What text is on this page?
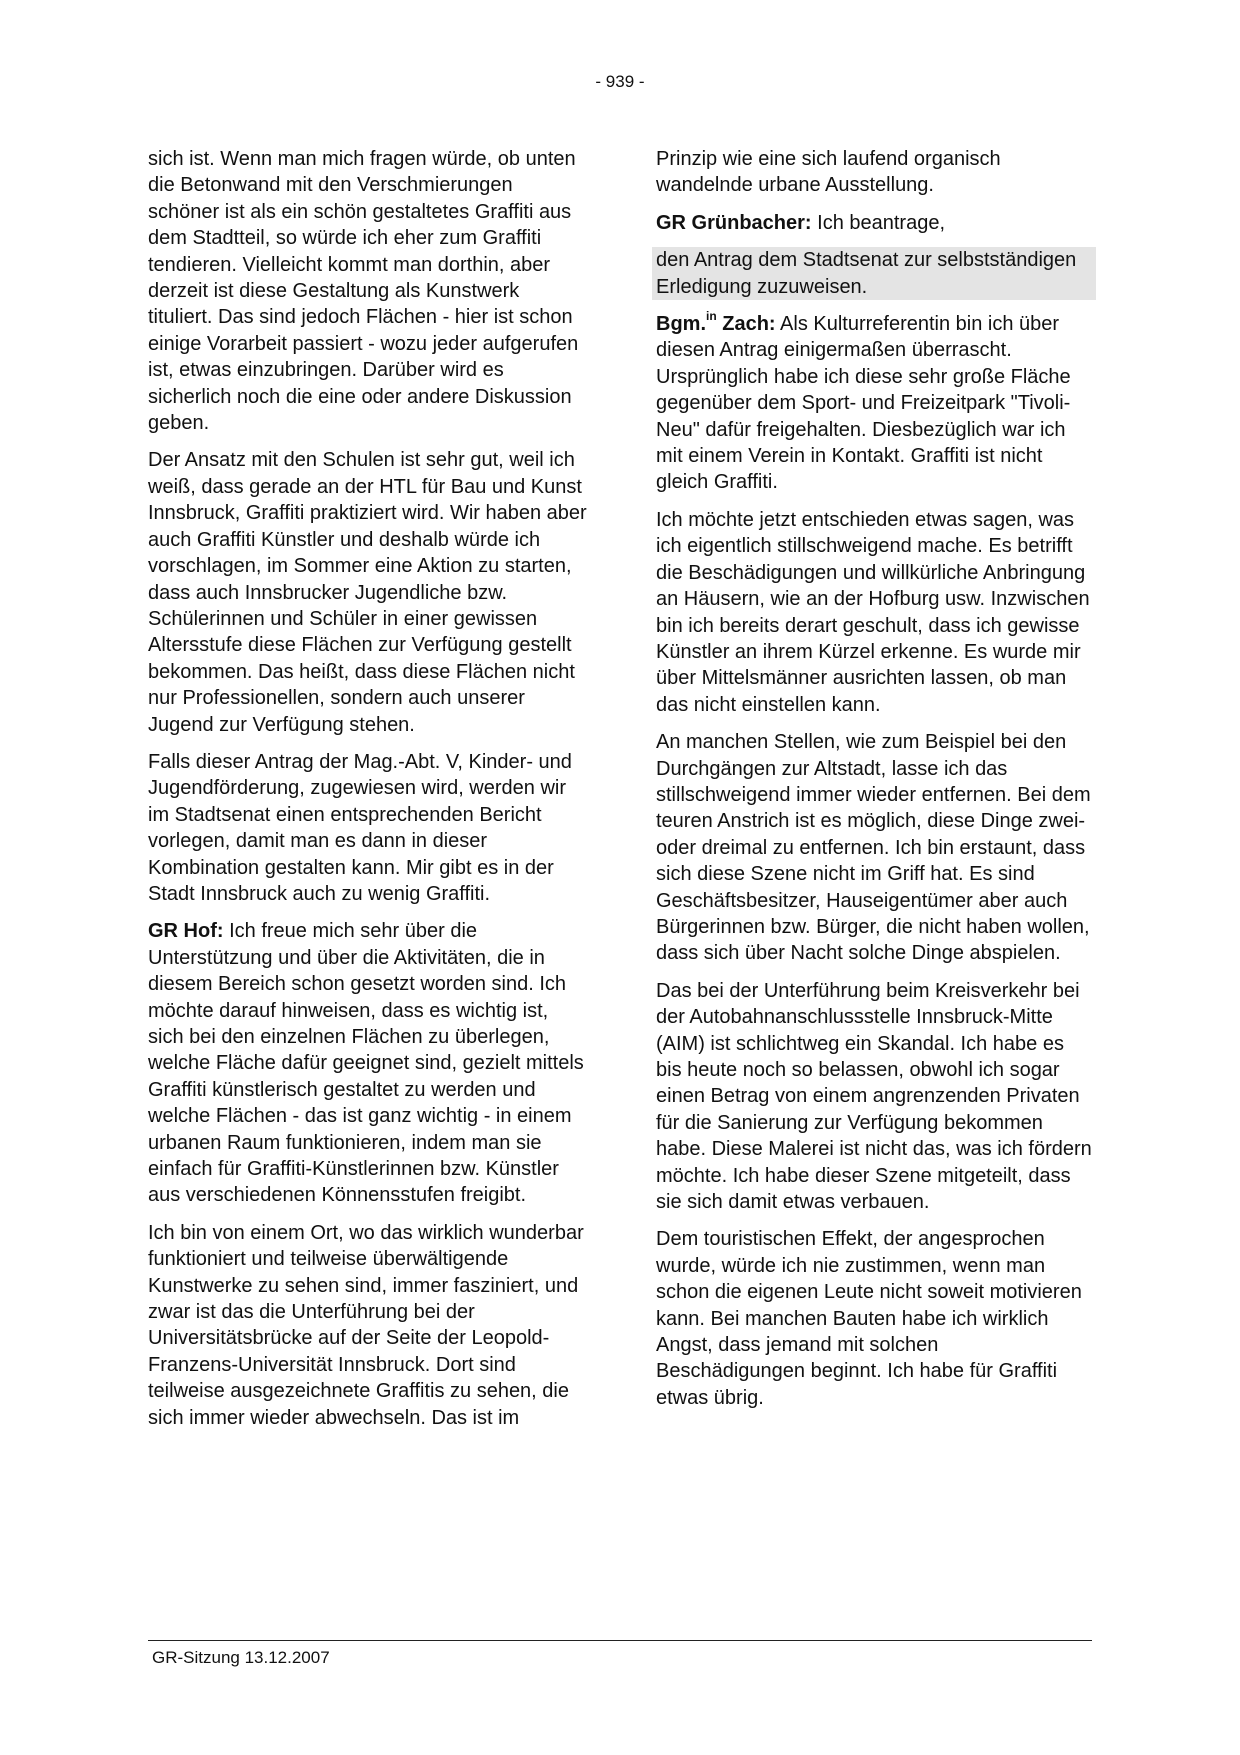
- 939 -

sich ist. Wenn man mich fragen würde, ob unten die Betonwand mit den Verschmierungen schöner ist als ein schön gestaltetes Graffiti aus dem Stadtteil, so würde ich eher zum Graffiti tendieren. Vielleicht kommt man dorthin, aber derzeit ist diese Gestaltung als Kunstwerk tituliert. Das sind jedoch Flächen - hier ist schon einige Vorarbeit passiert - wozu jeder aufgerufen ist, etwas einzubringen. Darüber wird es sicherlich noch die eine oder andere Diskussion geben.

Der Ansatz mit den Schulen ist sehr gut, weil ich weiß, dass gerade an der HTL für Bau und Kunst Innsbruck, Graffiti praktiziert wird. Wir haben aber auch Graffiti Künstler und deshalb würde ich vorschlagen, im Sommer eine Aktion zu starten, dass auch Innsbrucker Jugendliche bzw. Schülerinnen und Schüler in einer gewissen Altersstufe diese Flächen zur Verfügung gestellt bekommen. Das heißt, dass diese Flächen nicht nur Professionellen, sondern auch unserer Jugend zur Verfügung stehen.

Falls dieser Antrag der Mag.-Abt. V, Kinder- und Jugendförderung, zugewiesen wird, werden wir im Stadtsenat einen entsprechenden Bericht vorlegen, damit man es dann in dieser Kombination gestalten kann. Mir gibt es in der Stadt Innsbruck auch zu wenig Graffiti.

GR Hof: Ich freue mich sehr über die Unterstützung und über die Aktivitäten, die in diesem Bereich schon gesetzt worden sind. Ich möchte darauf hinweisen, dass es wichtig ist, sich bei den einzelnen Flächen zu überlegen, welche Fläche dafür geeignet sind, gezielt mittels Graffiti künstlerisch gestaltet zu werden und welche Flächen - das ist ganz wichtig - in einem urbanen Raum funktionieren, indem man sie einfach für Graffiti-Künstlerinnen bzw. Künstler aus verschiedenen Könnensstufen freigibt.

Ich bin von einem Ort, wo das wirklich wunderbar funktioniert und teilweise überwältigende Kunstwerke zu sehen sind, immer fasziniert, und zwar ist das die Unterführung bei der Universitätsbrücke auf der Seite der Leopold-Franzens-Universität Innsbruck. Dort sind teilweise ausgezeichnete Graffitis zu sehen, die sich immer wieder abwechseln. Das ist im

Prinzip wie eine sich laufend organisch wandelnde urbane Ausstellung.

GR Grünbacher: Ich beantrage,

den Antrag dem Stadtsenat zur selbstständigen Erledigung zuzuweisen.

Bgm.$^{in}$ Zach: Als Kulturreferentin bin ich über diesen Antrag einigermaßen überrascht. Ursprünglich habe ich diese sehr große Fläche gegenüber dem Sport- und Freizeitpark "Tivoli-Neu" dafür freigehalten. Diesbezüglich war ich mit einem Verein in Kontakt. Graffiti ist nicht gleich Graffiti.

Ich möchte jetzt entschieden etwas sagen, was ich eigentlich stillschweigend mache. Es betrifft die Beschädigungen und willkürliche Anbringung an Häusern, wie an der Hofburg usw. Inzwischen bin ich bereits derart geschult, dass ich gewisse Künstler an ihrem Kürzel erkenne. Es wurde mir über Mittelsmänner ausrichten lassen, ob man das nicht einstellen kann.

An manchen Stellen, wie zum Beispiel bei den Durchgängen zur Altstadt, lasse ich das stillschweigend immer wieder entfernen. Bei dem teuren Anstrich ist es möglich, diese Dinge zwei- oder dreimal zu entfernen. Ich bin erstaunt, dass sich diese Szene nicht im Griff hat. Es sind Geschäftsbesitzer, Hauseigentümer aber auch Bürgerinnen bzw. Bürger, die nicht haben wollen, dass sich über Nacht solche Dinge abspielen.

Das bei der Unterführung beim Kreisverkehr bei der Autobahnanschlussstelle Innsbruck-Mitte (AIM) ist schlichtweg ein Skandal. Ich habe es bis heute noch so belassen, obwohl ich sogar einen Betrag von einem angrenzenden Privaten für die Sanierung zur Verfügung bekommen habe. Diese Malerei ist nicht das, was ich fördern möchte. Ich habe dieser Szene mitgeteilt, dass sie sich damit etwas verbauen.

Dem touristischen Effekt, der angesprochen wurde, würde ich nie zustimmen, wenn man schon die eigenen Leute nicht soweit motivieren kann. Bei manchen Bauten habe ich wirklich Angst, dass jemand mit solchen Beschädigungen beginnt. Ich habe für Graffiti etwas übrig.

GR-Sitzung 13.12.2007
